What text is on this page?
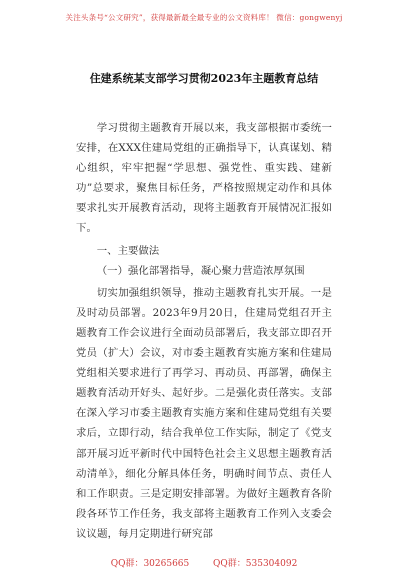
关注头条号“公文研究”，获得最新最全最专业的公文资料库！ 微信：gongwenyj
住建系统某支部学习贯彻2023年主题教育总结

学习贯彻主题教育开展以来，我支部根据市委统一安排，在XXX住建局党组的正确指导下，认真谋划、精心组织，牢牢把握“学思想、强党性、重实践、建新功”总要求，聚焦目标任务，严格按照规定动作和具体要求扎实开展教育活动，现将主题教育开展情况汇报如下。

一、主要做法

（一）强化部署指导，凝心聚力营造浓厚氛围

切实加强组织领导，推动主题教育扎实开展。一是及时动员部署。2023年9月20日，住建局党组召开主题教育工作会议进行全面动员部署后，我支部立即召开党员（扩大）会议，对市委主题教育实施方案和住建局党组相关要求进行了再学习、再动员、再部署，确保主题教育活动开好头、起好步。二是强化责任落实。支部在深入学习市委主题教育实施方案和住建局党组有关要求后，立即行动，结合我单位工作实际，制定了《党支部开展习近平新时代中国特色社会主义思想主题教育活动清单》，细化分解具体任务，明确时间节点、责任人和工作职责。三是定期安排部署。为做好主题教育各阶段各环节工作任务，我支部将主题教育工作列入支委会议议题，每月定期进行研究部

QQ群：30265665	QQ群：535304092
